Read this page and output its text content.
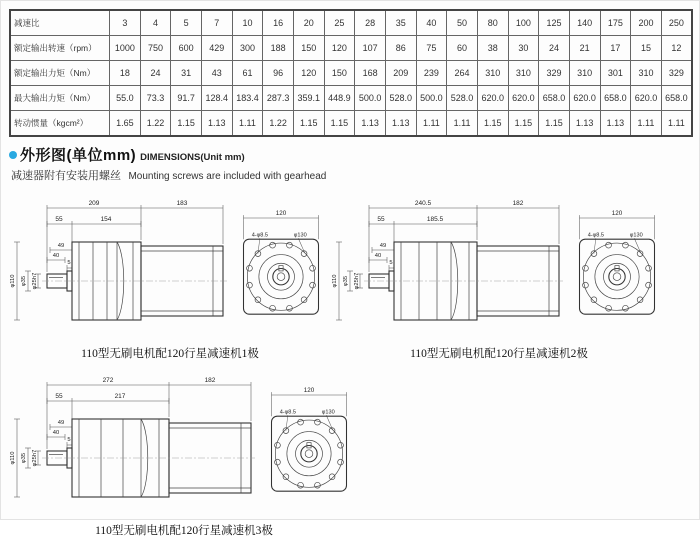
减速比	3	4	5	7	10	16	20	25	28	35	40	50	80	100	125	140	175	200	250
额定输出转速（rpm）	1000	750	600	429	300	188	150	120	107	86	75	60	38	30	24	21	17	15	12
额定输出力矩（Nm）	18	24	31	43	61	96	120	150	168	209	239	264	310	310	329	310	301	310	329
最大输出力矩（Nm）	55.0	73.3	91.7	128.4	183.4	287.3	359.1	448.9	500.0	528.0	500.0	528.0	620.0	620.0	658.0	620.0	658.0	620.0	658.0
转动惯量（kgcm²）	1.65	1.22	1.15	1.13	1.11	1.22	1.15	1.15	1.13	1.13	1.11	1.11	1.15	1.15	1.15	1.13	1.13	1.11	1.11
外形图(单位mm) DIMENSIONS(Unit mm)
减速器附有安装用螺丝 Mounting screws are included with gearhead
209	183
55	154
49
40
5
φ110 φ35 φ25h7
120
4-φ8.5	φ130
110型无刷电机配120行星减速机1极
240.5	182
55	185.5
49
40
5
φ110 φ35 φ25h7
120
4-φ8.5	φ130
110型无刷电机配120行星减速机2极
272	182
55	217
49
40
5
φ110 φ35 φ25h7
120
4-φ8.5	φ130
110型无刷电机配120行星减速机3极
